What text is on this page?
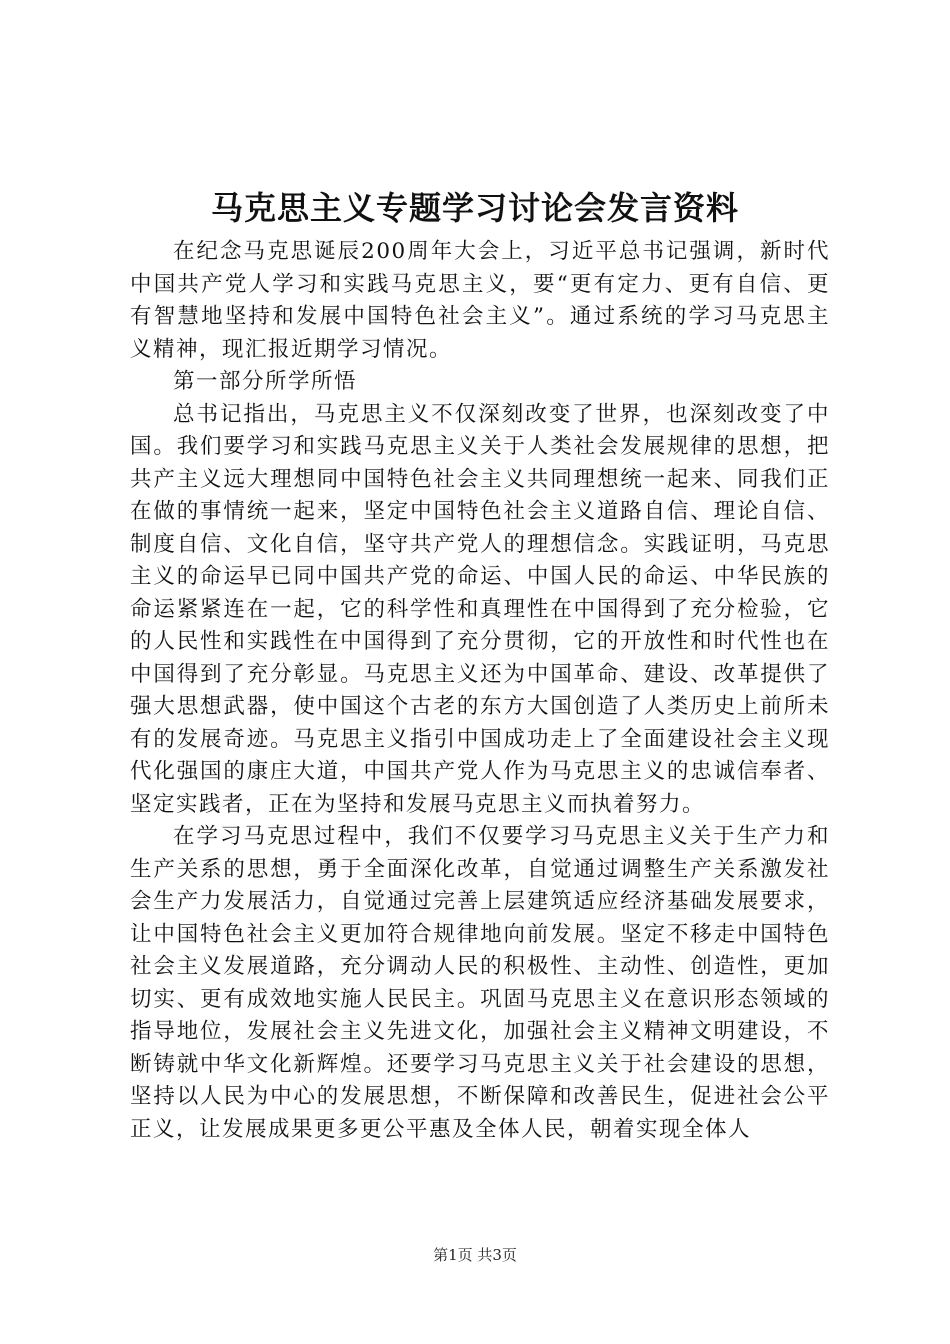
马克思主义专题学习讨论会发言资料

在纪念马克思诞辰200周年大会上，习近平总书记强调，新时代中国共产党人学习和实践马克思主义，要“更有定力、更有自信、更有智慧地坚持和发展中国特色社会主义”。通过系统的学习马克思主义精神，现汇报近期学习情况。

第一部分所学所悟

总书记指出，马克思主义不仅深刻改变了世界，也深刻改变了中国。我们要学习和实践马克思主义关于人类社会发展规律的思想，把共产主义远大理想同中国特色社会主义共同理想统一起来、同我们正在做的事情统一起来，坚定中国特色社会主义道路自信、理论自信、制度自信、文化自信，坚守共产党人的理想信念。实践证明，马克思主义的命运早已同中国共产党的命运、中国人民的命运、中华民族的命运紧紧连在一起，它的科学性和真理性在中国得到了充分检验，它的人民性和实践性在中国得到了充分贯彻，它的开放性和时代性也在中国得到了充分彰显。马克思主义还为中国革命、建设、改革提供了强大思想武器，使中国这个古老的东方大国创造了人类历史上前所未有的发展奇迹。马克思主义指引中国成功走上了全面建设社会主义现代化强国的康庄大道，中国共产党人作为马克思主义的忠诚信奉者、坚定实践者，正在为坚持和发展马克思主义而执着努力。

在学习马克思过程中，我们不仅要学习马克思主义关于生产力和生产关系的思想，勇于全面深化改革，自觉通过调整生产关系激发社会生产力发展活力，自觉通过完善上层建筑适应经济基础发展要求，让中国特色社会主义更加符合规律地向前发展。坚定不移走中国特色社会主义发展道路，充分调动人民的积极性、主动性、创造性，更加切实、更有成效地实施人民民主。巩固马克思主义在意识形态领域的指导地位，发展社会主义先进文化，加强社会主义精神文明建设，不断铸就中华文化新辉煌。还要学习马克思主义关于社会建设的思想，坚持以人民为中心的发展思想，不断保障和改善民生，促进社会公平正义，让发展成果更多更公平惠及全体人民，朝着实现全体人

第1页 共3页
